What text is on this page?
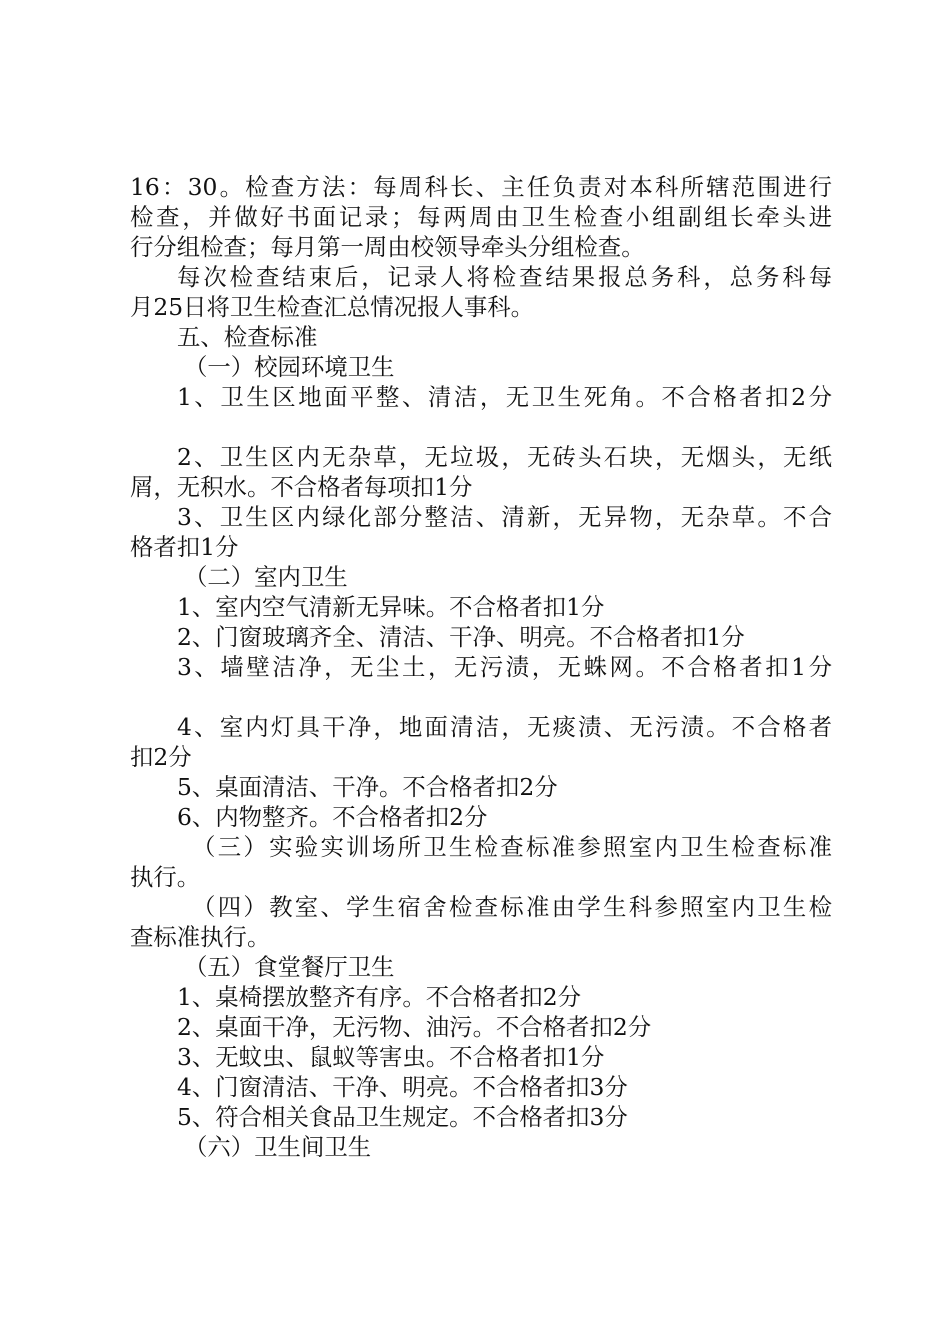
16：30。检查方法：每周科长、主任负责对本科所辖范围进行
检查，并做好书面记录；每两周由卫生检查小组副组长牵头进
行分组检查；每月第一周由校领导牵头分组检查。
每次检查结束后，记录人将检查结果报总务科，总务科每
月25日将卫生检查汇总情况报人事科。
五、检查标准
（一）校园环境卫生
1、卫生区地面平整、清洁，无卫生死角。不合格者扣2分
2、卫生区内无杂草，无垃圾，无砖头石块，无烟头，无纸
屑，无积水。不合格者每项扣1分
3、卫生区内绿化部分整洁、清新，无异物，无杂草。不合
格者扣1分
（二）室内卫生
1、室内空气清新无异味。不合格者扣1分
2、门窗玻璃齐全、清洁、干净、明亮。不合格者扣1分
3、墙壁洁净，无尘土，无污渍，无蛛网。不合格者扣1分
4、室内灯具干净，地面清洁，无痰渍、无污渍。不合格者
扣2分
5、桌面清洁、干净。不合格者扣2分
6、内物整齐。不合格者扣2分
（三）实验实训场所卫生检查标准参照室内卫生检查标准
执行。
（四）教室、学生宿舍检查标准由学生科参照室内卫生检
查标准执行。
（五）食堂餐厅卫生
1、桌椅摆放整齐有序。不合格者扣2分
2、桌面干净，无污物、油污。不合格者扣2分
3、无蚊虫、鼠蚁等害虫。不合格者扣1分
4、门窗清洁、干净、明亮。不合格者扣3分
5、符合相关食品卫生规定。不合格者扣3分
（六）卫生间卫生
